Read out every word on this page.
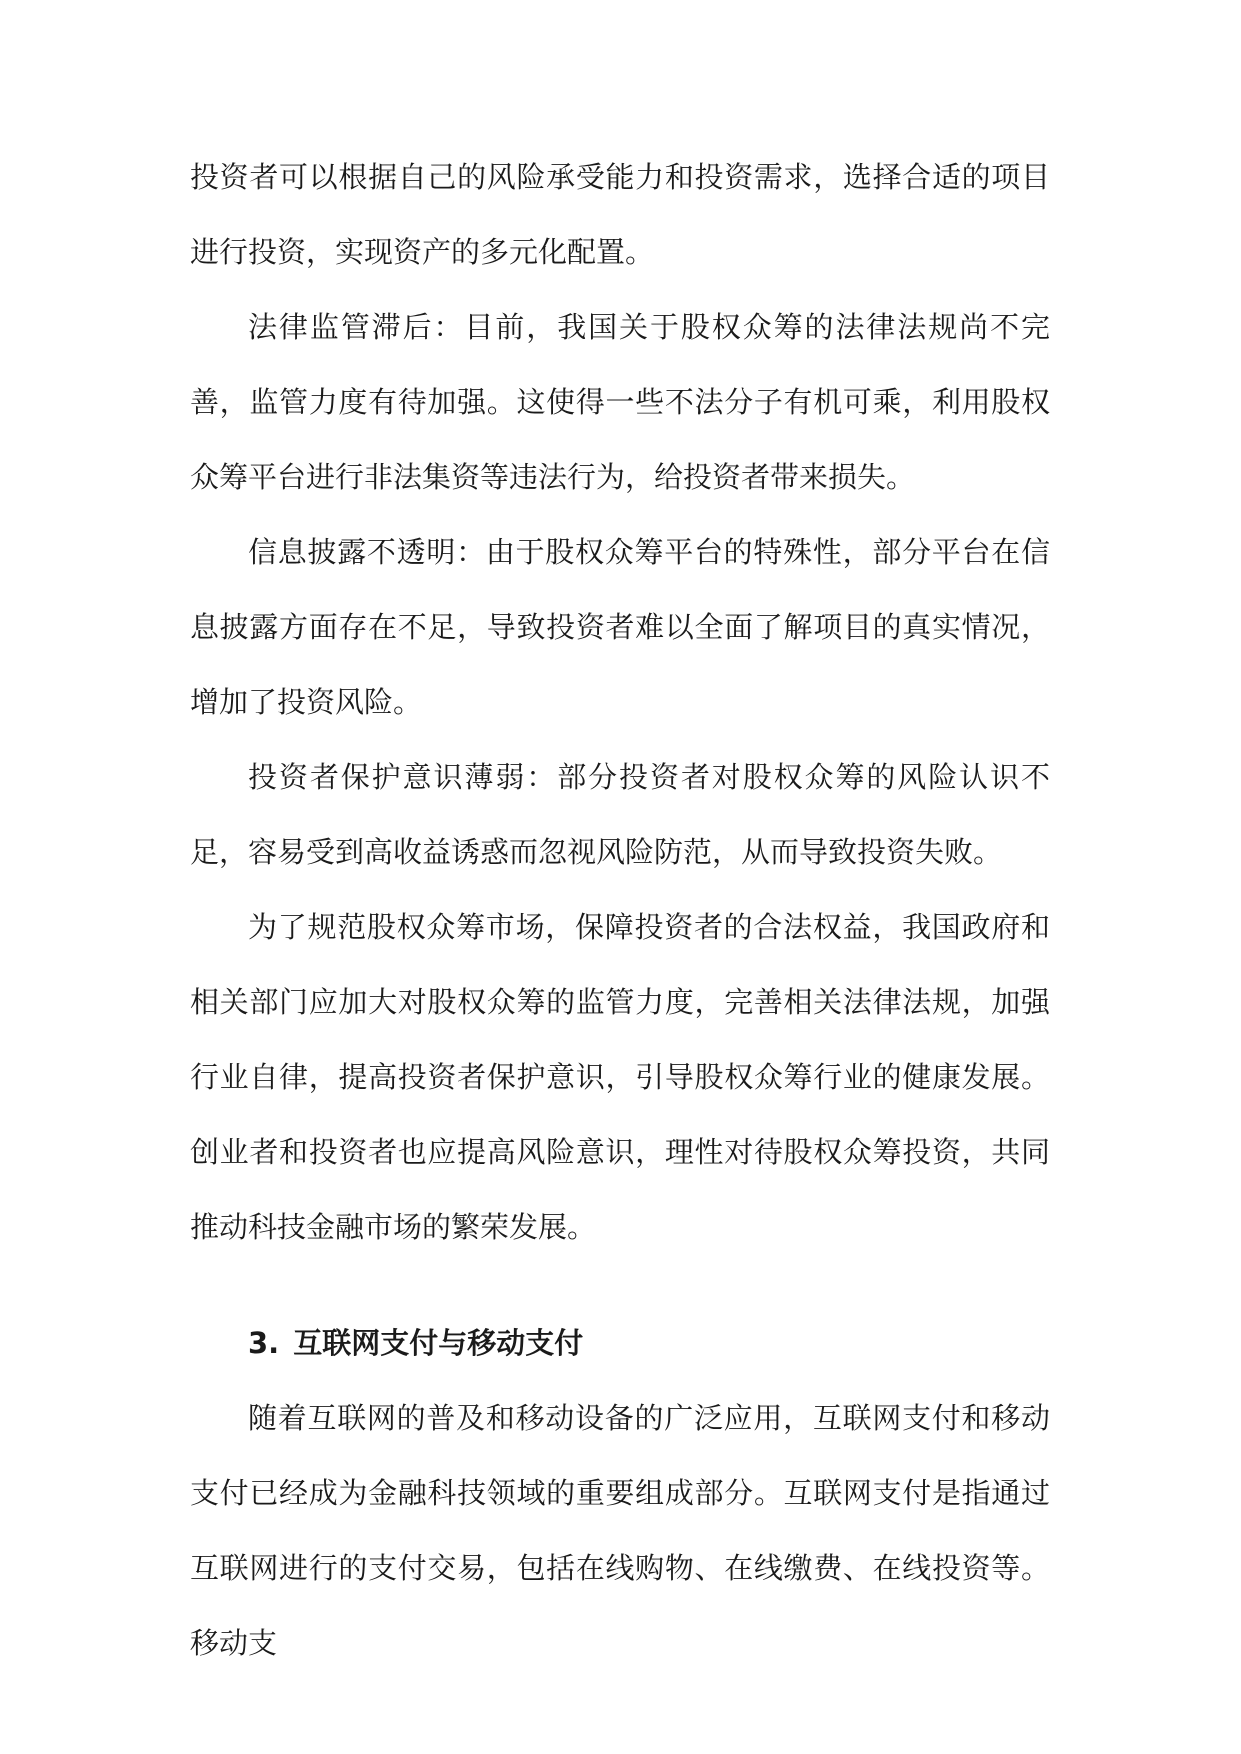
投资者可以根据自己的风险承受能力和投资需求，选择合适的项目进行投资，实现资产的多元化配置。

法律监管滞后：目前，我国关于股权众筹的法律法规尚不完善，监管力度有待加强。这使得一些不法分子有机可乘，利用股权众筹平台进行非法集资等违法行为，给投资者带来损失。

信息披露不透明：由于股权众筹平台的特殊性，部分平台在信息披露方面存在不足，导致投资者难以全面了解项目的真实情况，增加了投资风险。

投资者保护意识薄弱：部分投资者对股权众筹的风险认识不足，容易受到高收益诱惑而忽视风险防范，从而导致投资失败。

为了规范股权众筹市场，保障投资者的合法权益，我国政府和相关部门应加大对股权众筹的监管力度，完善相关法律法规，加强行业自律，提高投资者保护意识，引导股权众筹行业的健康发展。创业者和投资者也应提高风险意识，理性对待股权众筹投资，共同推动科技金融市场的繁荣发展。

3. 互联网支付与移动支付

随着互联网的普及和移动设备的广泛应用，互联网支付和移动支付已经成为金融科技领域的重要组成部分。互联网支付是指通过互联网进行的支付交易，包括在线购物、在线缴费、在线投资等。移动支
